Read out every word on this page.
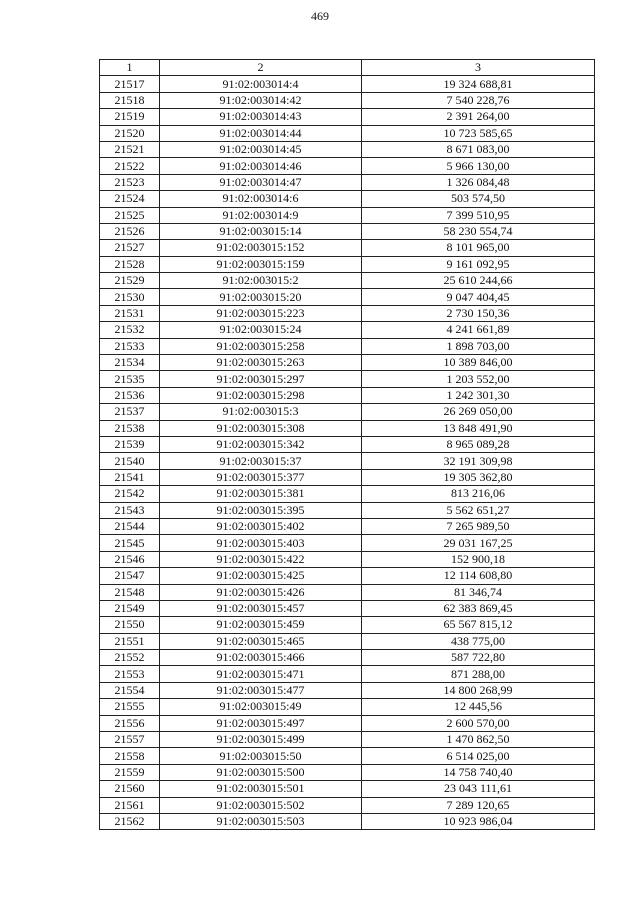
469
1	2	3
21517	91:02:003014:4	19 324 688,81
21518	91:02:003014:42	7 540 228,76
21519	91:02:003014:43	2 391 264,00
21520	91:02:003014:44	10 723 585,65
21521	91:02:003014:45	8 671 083,00
21522	91:02:003014:46	5 966 130,00
21523	91:02:003014:47	1 326 084,48
21524	91:02:003014:6	503 574,50
21525	91:02:003014:9	7 399 510,95
21526	91:02:003015:14	58 230 554,74
21527	91:02:003015:152	8 101 965,00
21528	91:02:003015:159	9 161 092,95
21529	91:02:003015:2	25 610 244,66
21530	91:02:003015:20	9 047 404,45
21531	91:02:003015:223	2 730 150,36
21532	91:02:003015:24	4 241 661,89
21533	91:02:003015:258	1 898 703,00
21534	91:02:003015:263	10 389 846,00
21535	91:02:003015:297	1 203 552,00
21536	91:02:003015:298	1 242 301,30
21537	91:02:003015:3	26 269 050,00
21538	91:02:003015:308	13 848 491,90
21539	91:02:003015:342	8 965 089,28
21540	91:02:003015:37	32 191 309,98
21541	91:02:003015:377	19 305 362,80
21542	91:02:003015:381	813 216,06
21543	91:02:003015:395	5 562 651,27
21544	91:02:003015:402	7 265 989,50
21545	91:02:003015:403	29 031 167,25
21546	91:02:003015:422	152 900,18
21547	91:02:003015:425	12 114 608,80
21548	91:02:003015:426	81 346,74
21549	91:02:003015:457	62 383 869,45
21550	91:02:003015:459	65 567 815,12
21551	91:02:003015:465	438 775,00
21552	91:02:003015:466	587 722,80
21553	91:02:003015:471	871 288,00
21554	91:02:003015:477	14 800 268,99
21555	91:02:003015:49	12 445,56
21556	91:02:003015:497	2 600 570,00
21557	91:02:003015:499	1 470 862,50
21558	91:02:003015:50	6 514 025,00
21559	91:02:003015:500	14 758 740,40
21560	91:02:003015:501	23 043 111,61
21561	91:02:003015:502	7 289 120,65
21562	91:02:003015:503	10 923 986,04
